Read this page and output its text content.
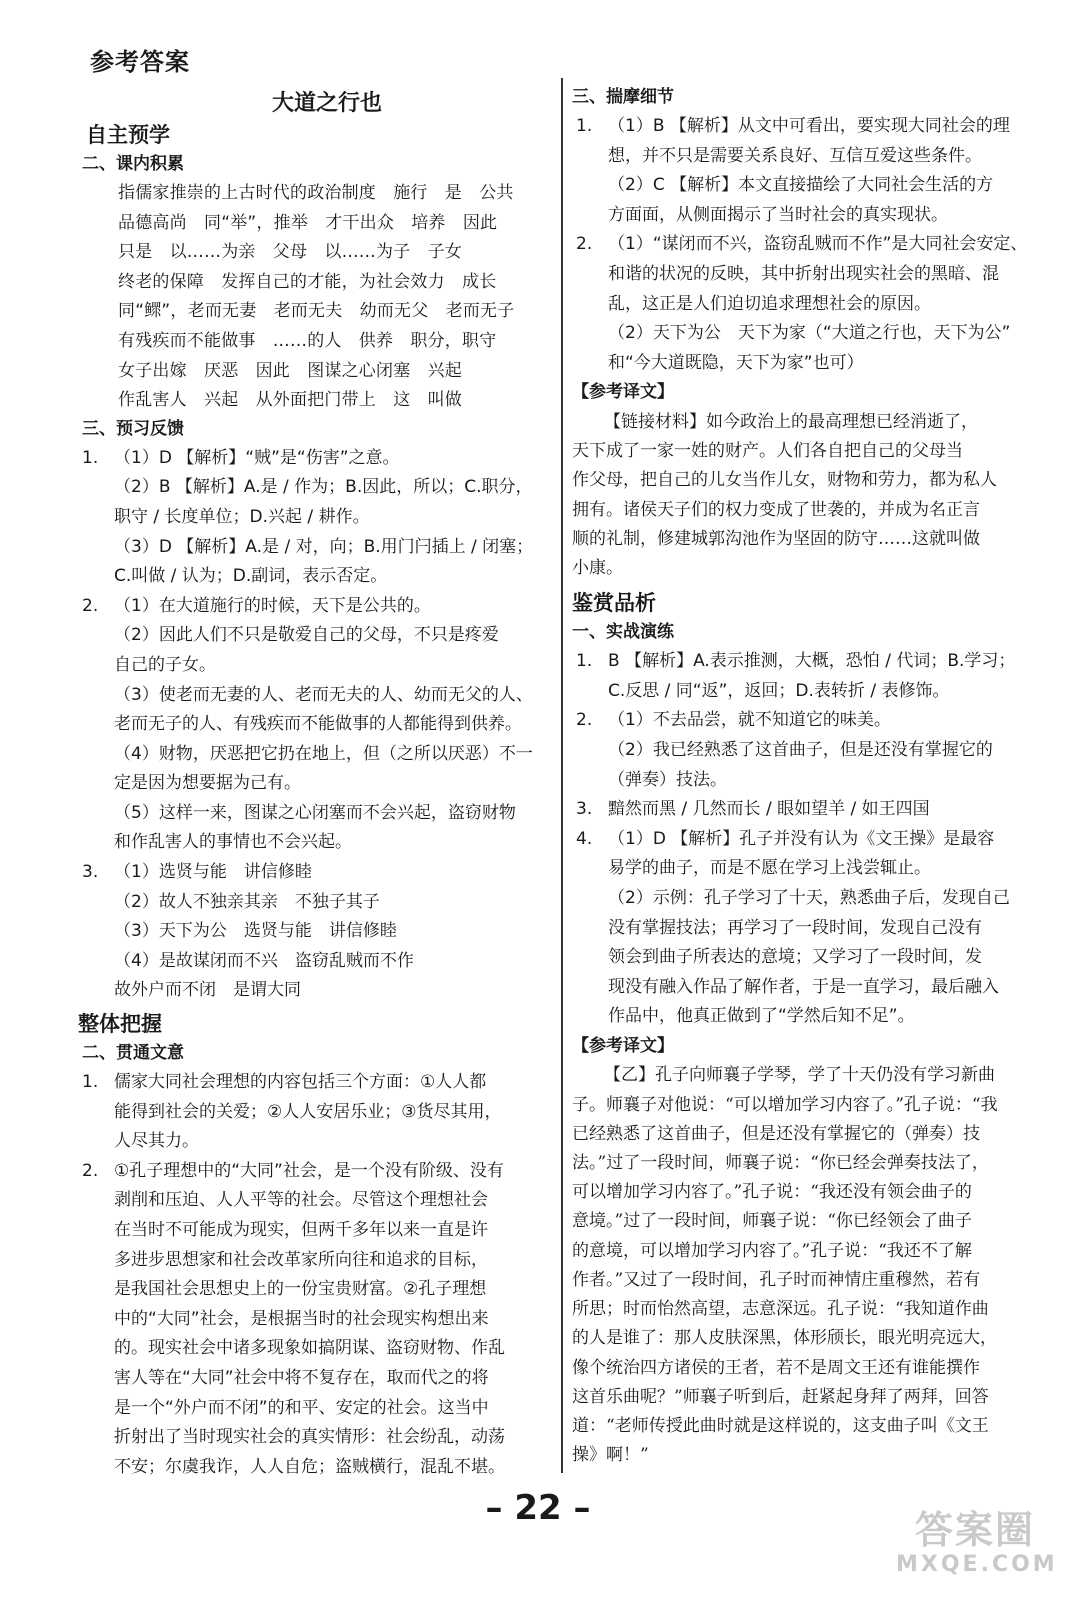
参考答案
大道之行也
自主预学
二、课内积累
指儒家推崇的上古时代的政治制度　施行　是　公共
品德高尚　同“举”，推举　才干出众　培养　因此
只是　以……为亲　父母　以……为子　子女
终老的保障　发挥自己的才能，为社会效力　成长
同“鳏”，老而无妻　老而无夫　幼而无父　老而无子
有残疾而不能做事　……的人　供养　职分，职守
女子出嫁　厌恶　因此　图谋之心闭塞　兴起
作乱害人　兴起　从外面把门带上　这　叫做
三、预习反馈
1. （1）D 【解析】“贼”是“伤害”之意。
（2）B 【解析】A.是 / 作为；B.因此，所以；C.职分，
职守 / 长度单位；D.兴起 / 耕作。
（3）D 【解析】A.是 / 对，向；B.用门闩插上 / 闭塞；
C.叫做 / 认为；D.副词，表示否定。
2. （1）在大道施行的时候，天下是公共的。
（2）因此人们不只是敬爱自己的父母，不只是疼爱
自己的子女。
（3）使老而无妻的人、老而无夫的人、幼而无父的人、
老而无子的人、有残疾而不能做事的人都能得到供养。
（4）财物，厌恶把它扔在地上，但（之所以厌恶）不一
定是因为想要据为己有。
（5）这样一来，图谋之心闭塞而不会兴起，盗窃财物
和作乱害人的事情也不会兴起。
3. （1）选贤与能　讲信修睦
（2）故人不独亲其亲　不独子其子
（3）天下为公　选贤与能　讲信修睦
（4）是故谋闭而不兴　盗窃乱贼而不作
故外户而不闭　是谓大同
整体把握
二、贯通文意
1. 儒家大同社会理想的内容包括三个方面：①人人都
能得到社会的关爱；②人人安居乐业；③货尽其用，
人尽其力。
2. ①孔子理想中的“大同”社会，是一个没有阶级、没有
剥削和压迫、人人平等的社会。尽管这个理想社会
在当时不可能成为现实，但两千多年以来一直是许
多进步思想家和社会改革家所向往和追求的目标，
是我国社会思想史上的一份宝贵财富。②孔子理想
中的“大同”社会，是根据当时的社会现实构想出来
的。现实社会中诸多现象如搞阴谋、盗窃财物、作乱
害人等在“大同”社会中将不复存在，取而代之的将
是一个“外户而不闭”的和平、安定的社会。这当中
折射出了当时现实社会的真实情形：社会纷乱，动荡
不安；尔虞我诈，人人自危；盗贼横行，混乱不堪。
三、揣摩细节
1. （1）B 【解析】从文中可看出，要实现大同社会的理
想，并不只是需要关系良好、互信互爱这些条件。
（2）C 【解析】本文直接描绘了大同社会生活的方
方面面，从侧面揭示了当时社会的真实现状。
2. （1）“谋闭而不兴，盗窃乱贼而不作”是大同社会安定、
和谐的状况的反映，其中折射出现实社会的黑暗、混
乱，这正是人们迫切追求理想社会的原因。
（2）天下为公　天下为家（“大道之行也，天下为公”
和“今大道既隐，天下为家”也可）
【参考译文】
【链接材料】如今政治上的最高理想已经消逝了，
天下成了一家一姓的财产。人们各自把自己的父母当
作父母，把自己的儿女当作儿女，财物和劳力，都为私人
拥有。诸侯天子们的权力变成了世袭的，并成为名正言
顺的礼制，修建城郭沟池作为坚固的防守……这就叫做
小康。
鉴赏品析
一、实战演练
1. B 【解析】A.表示推测，大概，恐怕 / 代词；B.学习；
C.反思 / 同“返”，返回；D.表转折 / 表修饰。
2. （1）不去品尝，就不知道它的味美。
（2）我已经熟悉了这首曲子，但是还没有掌握它的
（弹奏）技法。
3. 黯然而黑 / 几然而长 / 眼如望羊 / 如王四国
4. （1）D 【解析】孔子并没有认为《文王操》是最容
易学的曲子，而是不愿在学习上浅尝辄止。
（2）示例：孔子学习了十天，熟悉曲子后，发现自己
没有掌握技法；再学习了一段时间，发现自己没有
领会到曲子所表达的意境；又学习了一段时间，发
现没有融入作品了解作者，于是一直学习，最后融入
作品中，他真正做到了“学然后知不足”。
【参考译文】
【乙】孔子向师襄子学琴，学了十天仍没有学习新曲
子。师襄子对他说：“可以增加学习内容了。”孔子说：“我
已经熟悉了这首曲子，但是还没有掌握它的（弹奏）技
法。”过了一段时间，师襄子说：“你已经会弹奏技法了，
可以增加学习内容了。”孔子说：“我还没有领会曲子的
意境。”过了一段时间，师襄子说：“你已经领会了曲子
的意境，可以增加学习内容了。”孔子说：“我还不了解
作者。”又过了一段时间，孔子时而神情庄重穆然，若有
所思；时而怡然高望，志意深远。孔子说：“我知道作曲
的人是谁了：那人皮肤深黑，体形颀长，眼光明亮远大，
像个统治四方诸侯的王者，若不是周文王还有谁能撰作
这首乐曲呢？”师襄子听到后，赶紧起身拜了两拜，回答
道：“老师传授此曲时就是这样说的，这支曲子叫《文王
操》啊！”
– 22 –	答案圈
MXQE.COM
